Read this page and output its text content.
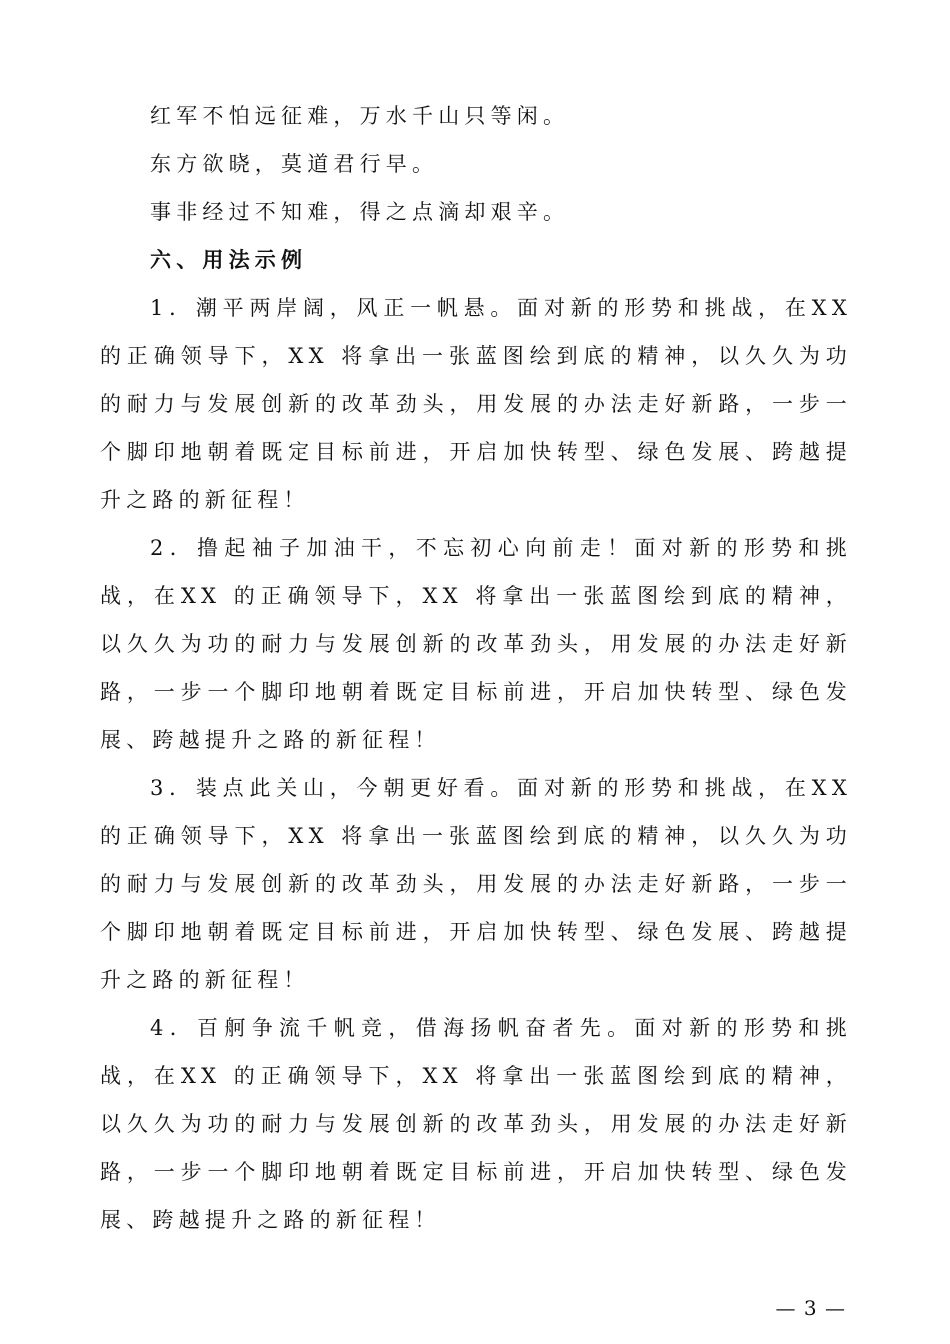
红军不怕远征难，万水千山只等闲。

东方欲晓，莫道君行早。

事非经过不知难，得之点滴却艰辛。

六、用法示例

1．潮平两岸阔，风正一帆悬。面对新的形势和挑战，在XX 的正确领导下，XX 将拿出一张蓝图绘到底的精神，以久久为功的耐力与发展创新的改革劲头，用发展的办法走好新路，一步一个脚印地朝着既定目标前进，开启加快转型、绿色发展、跨越提升之路的新征程！

2．撸起袖子加油干，不忘初心向前走！面对新的形势和挑战，在XX 的正确领导下，XX 将拿出一张蓝图绘到底的精神，以久久为功的耐力与发展创新的改革劲头，用发展的办法走好新路，一步一个脚印地朝着既定目标前进，开启加快转型、绿色发展、跨越提升之路的新征程！

3．装点此关山，今朝更好看。面对新的形势和挑战，在XX 的正确领导下，XX 将拿出一张蓝图绘到底的精神，以久久为功的耐力与发展创新的改革劲头，用发展的办法走好新路，一步一个脚印地朝着既定目标前进，开启加快转型、绿色发展、跨越提升之路的新征程！

4．百舸争流千帆竞，借海扬帆奋者先。面对新的形势和挑战，在XX 的正确领导下，XX 将拿出一张蓝图绘到底的精神，以久久为功的耐力与发展创新的改革劲头，用发展的办法走好新路，一步一个脚印地朝着既定目标前进，开启加快转型、绿色发展、跨越提升之路的新征程！

— 3 —
